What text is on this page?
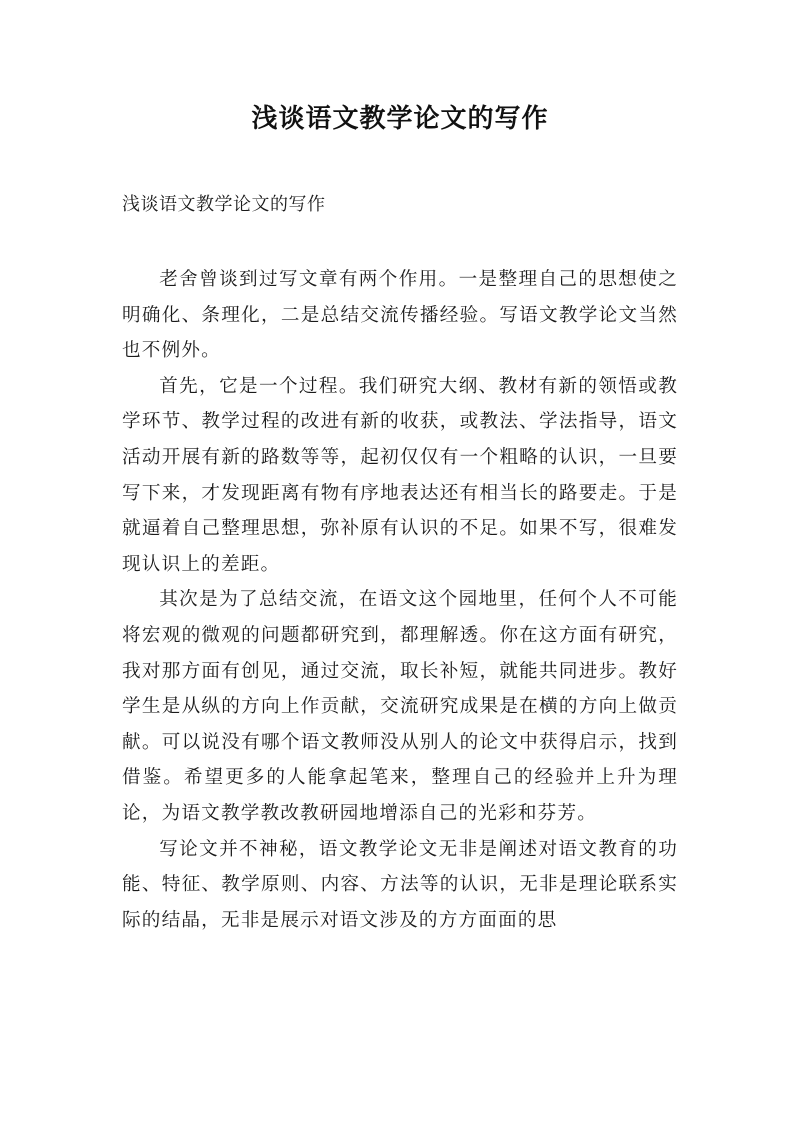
浅谈语文教学论文的写作

浅谈语文教学论文的写作

老舍曾谈到过写文章有两个作用。一是整理自己的思想使之明确化、条理化，二是总结交流传播经验。写语文教学论文当然也不例外。

首先，它是一个过程。我们研究大纲、教材有新的领悟或教学环节、教学过程的改进有新的收获，或教法、学法指导，语文活动开展有新的路数等等，起初仅仅有一个粗略的认识，一旦要写下来，才发现距离有物有序地表达还有相当长的路要走。于是就逼着自己整理思想，弥补原有认识的不足。如果不写，很难发现认识上的差距。

其次是为了总结交流，在语文这个园地里，任何个人不可能将宏观的微观的问题都研究到，都理解透。你在这方面有研究，我对那方面有创见，通过交流，取长补短，就能共同进步。教好学生是从纵的方向上作贡献，交流研究成果是在横的方向上做贡献。可以说没有哪个语文教师没从别人的论文中获得启示，找到借鉴。希望更多的人能拿起笔来，整理自己的经验并上升为理论，为语文教学教改教研园地增添自己的光彩和芬芳。

写论文并不神秘，语文教学论文无非是阐述对语文教育的功能、特征、教学原则、内容、方法等的认识，无非是理论联系实际的结晶，无非是展示对语文涉及的方方面面的思
